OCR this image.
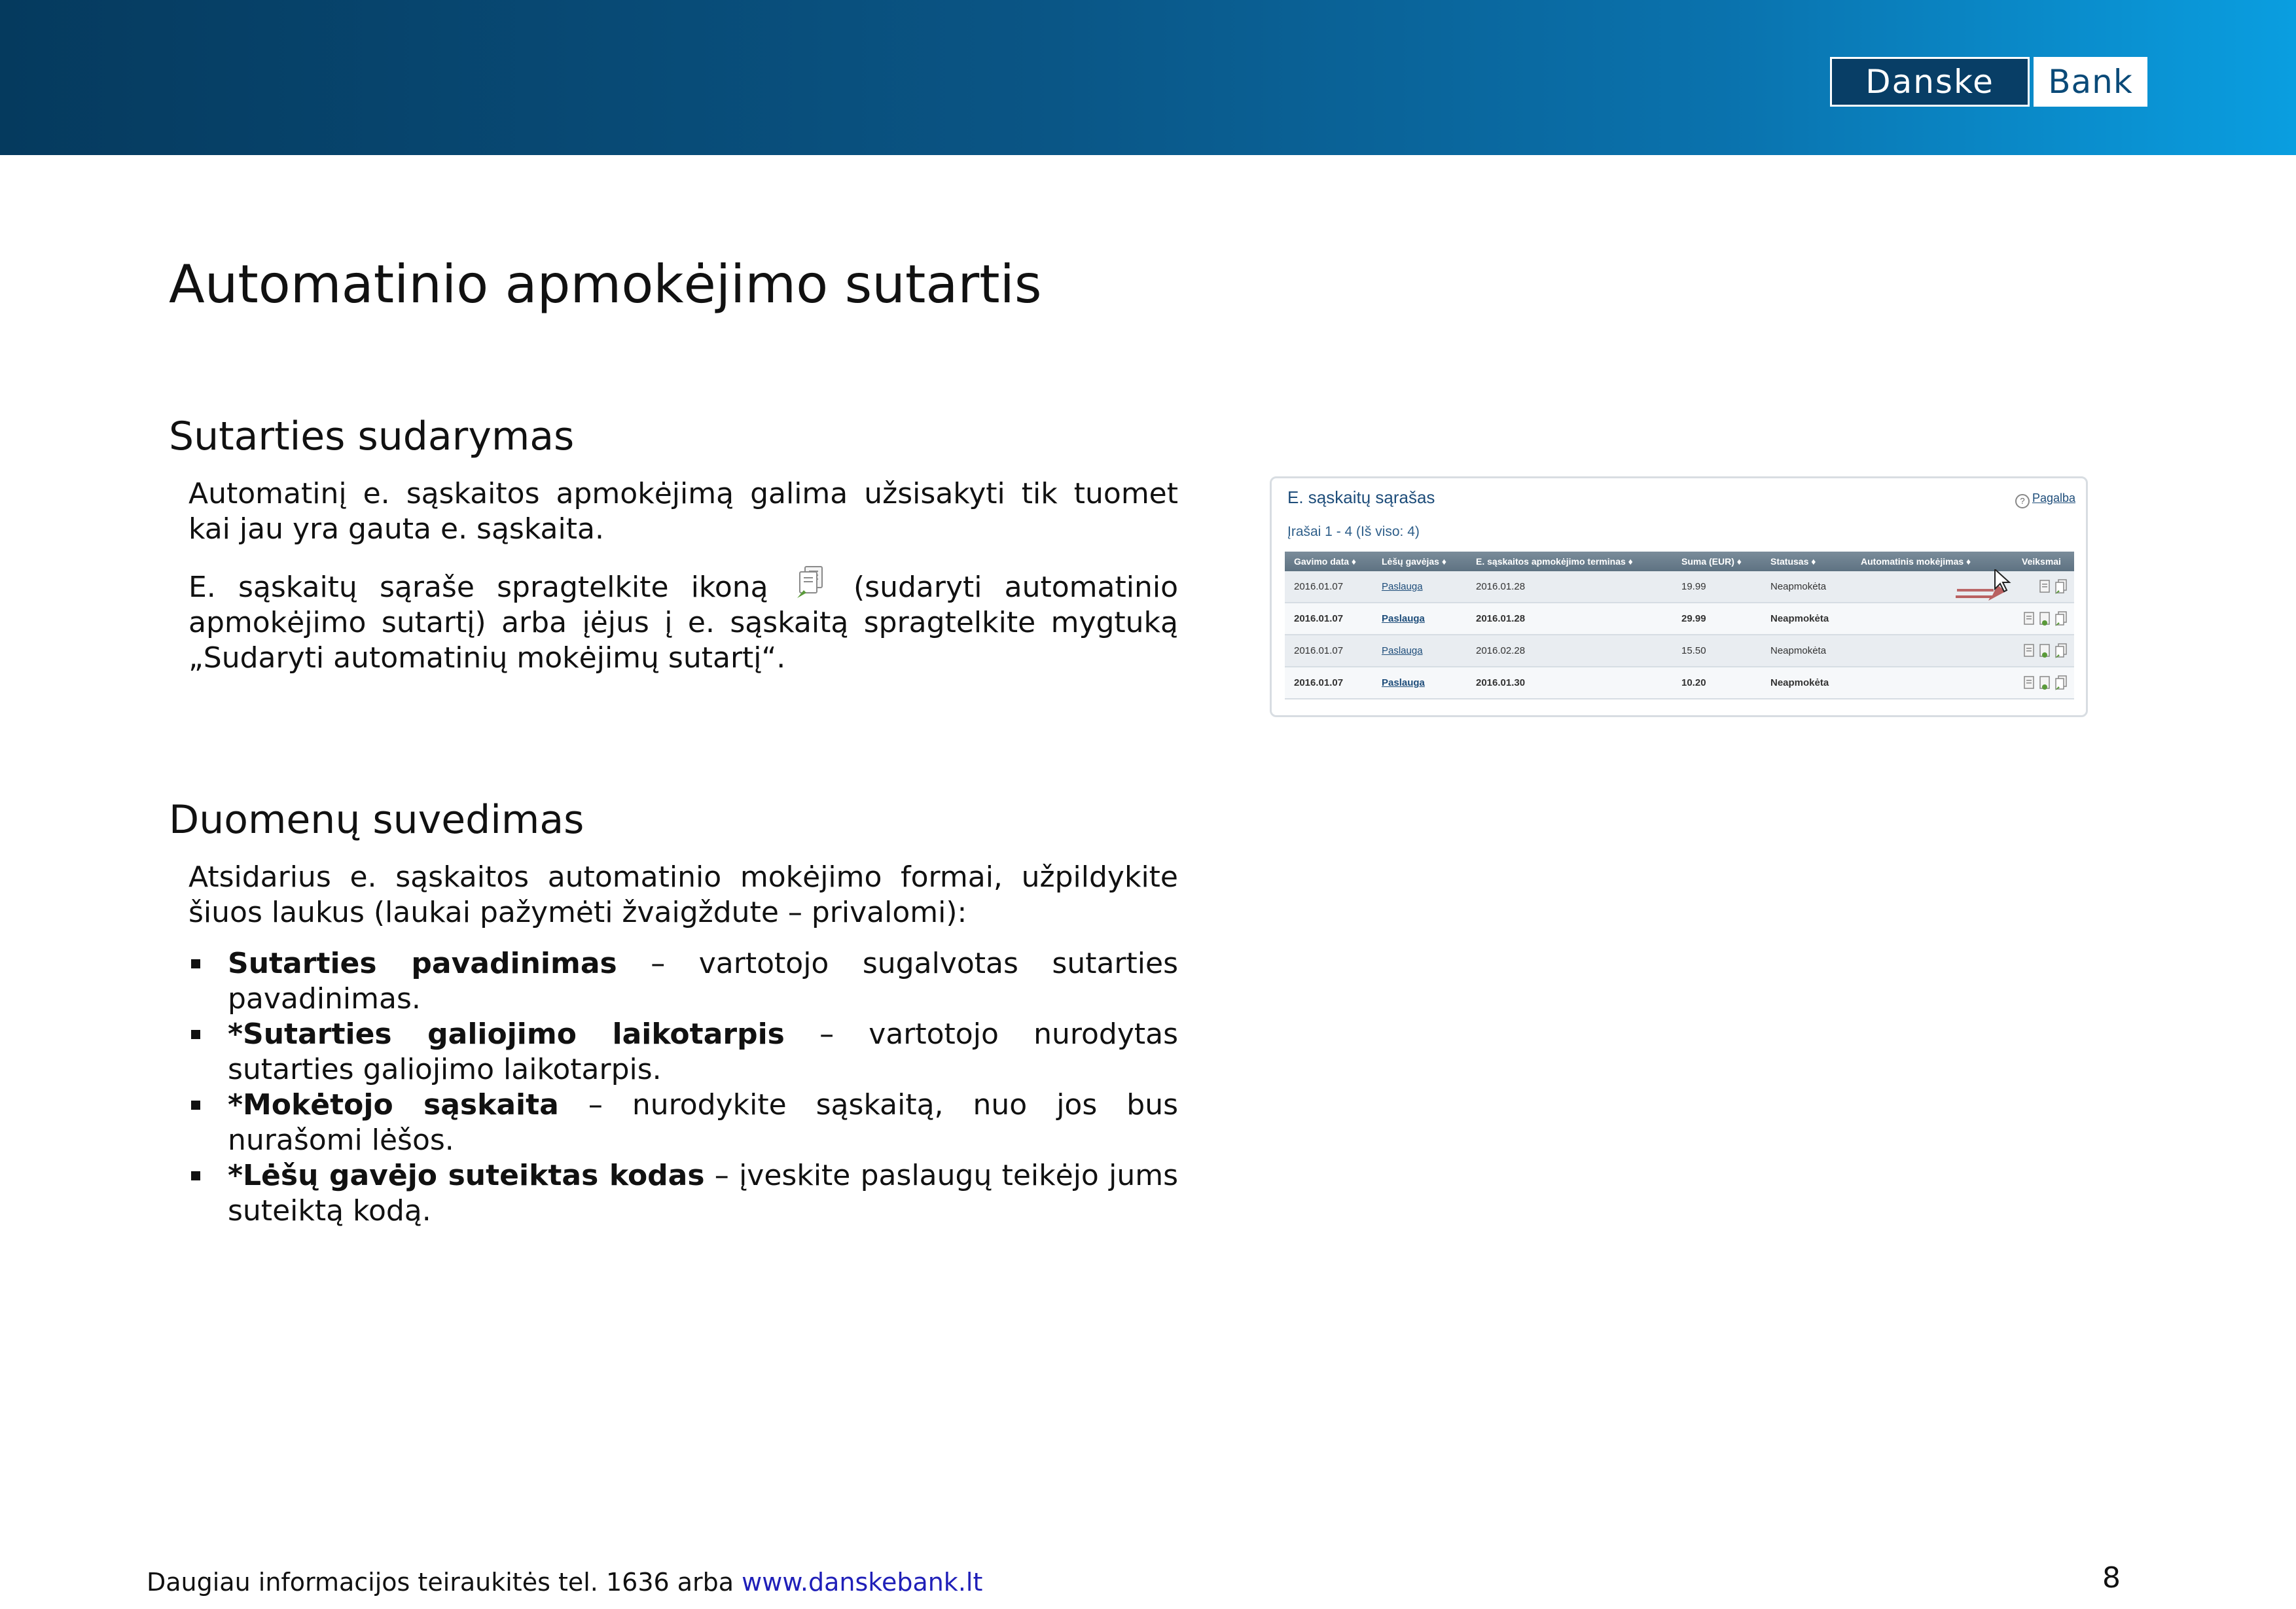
Danske	Bank
Automatinio apmokėjimo sutartis
Sutarties sudarymas

Automatinį e. sąskaitos apmokėjimą galima užsisakyti tik tuomet kai jau yra gauta e. sąskaita.

E. sąskaitų sąraše spragtelkite ikoną	(sudaryti automatinio apmokėjimo sutartį) arba įėjus į e. sąskaitą spragtelkite mygtuką „Sudaryti automatinių mokėjimų sutartį“.

E. sąskaitų sąrašas	? Pagalba
Įrašai 1 - 4 (Iš viso: 4)
Gavimo data ♦	Lėšų gavėjas ♦	E. sąskaitos apmokėjimo terminas ♦	Suma (EUR) ♦	Statusas ♦	Automatinis mokėjimas ♦	Veiksmai
2016.01.07	Paslauga	2016.01.28	19.99	Neapmokėta		

2016.01.07	Paslauga	2016.01.28	29.99	Neapmokėta		

2016.01.07	Paslauga	2016.02.28	15.50	Neapmokėta		

2016.01.07	Paslauga	2016.01.30	10.20	Neapmokėta		
Duomenų suvedimas

Atsidarius e. sąskaitos automatinio mokėjimo formai, užpildykite šiuos laukus (laukai pažymėti žvaigždute – privalomi):

Sutarties pavadinimas – vartotojo sugalvotas sutarties pavadinimas.
*Sutarties galiojimo laikotarpis – vartotojo nurodytas sutarties galiojimo laikotarpis.
*Mokėtojo sąskaita – nurodykite sąskaitą, nuo jos bus nurašomi lėšos.
*Lėšų gavėjo suteiktas kodas – įveskite paslaugų teikėjo jums suteiktą kodą.
Daugiau informacijos teiraukitės tel. 1636 arba www.danskebank.lt	8
